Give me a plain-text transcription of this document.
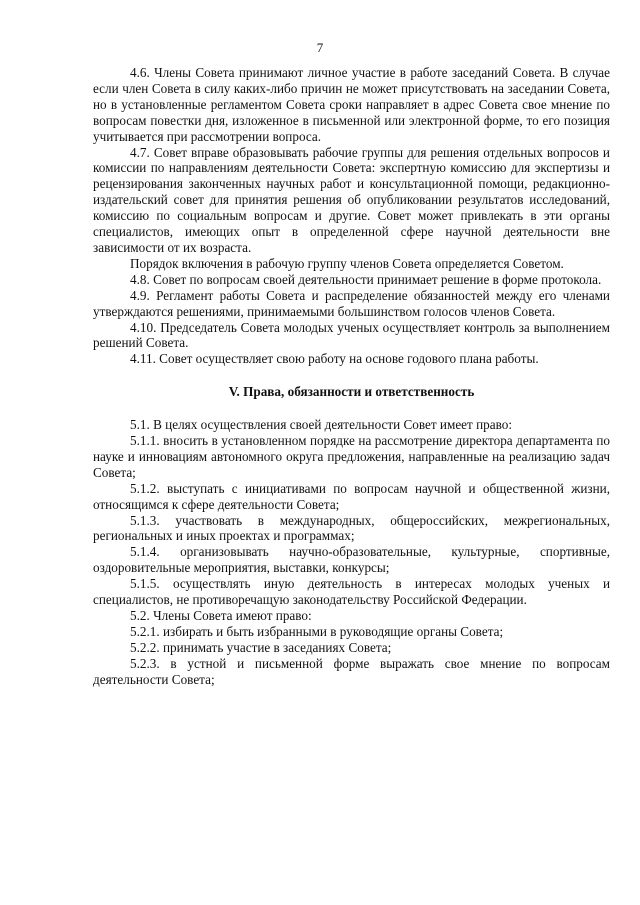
7

4.6. Члены Совета принимают личное участие в работе заседаний Совета. В случае если член Совета в силу каких-либо причин не может присутствовать на заседании Совета, но в установленные регламентом Совета сроки направляет в адрес Совета свое мнение по вопросам повестки дня, изложенное в письменной или электронной форме, то его позиция учитывается при рассмотрении вопроса.

4.7. Совет вправе образовывать рабочие группы для решения отдельных вопросов и комиссии по направлениям деятельности Совета: экспертную комиссию для экспертизы и рецензирования законченных научных работ и консультационной помощи, редакционно-издательский совет для принятия решения об опубликовании результатов исследований, комиссию по социальным вопросам и другие. Совет может привлекать в эти органы специалистов, имеющих опыт в определенной сфере научной деятельности вне зависимости от их возраста.

Порядок включения в рабочую группу членов Совета определяется Советом.

4.8. Совет по вопросам своей деятельности принимает решение в форме протокола.

4.9. Регламент работы Совета и распределение обязанностей между его членами утверждаются решениями, принимаемыми большинством голосов членов Совета.

4.10. Председатель Совета молодых ученых осуществляет контроль за выполнением решений Совета.

4.11. Совет осуществляет свою работу на основе годового плана работы.

V. Права, обязанности и ответственность

5.1. В целях осуществления своей деятельности Совет имеет право:

5.1.1. вносить в установленном порядке на рассмотрение директора департамента по науке и инновациям автономного округа предложения, направленные на реализацию задач Совета;

5.1.2. выступать с инициативами по вопросам научной и общественной жизни, относящимся к сфере деятельности Совета;

5.1.3. участвовать в международных, общероссийских, межрегиональных, региональных и иных проектах и программах;

5.1.4. организовывать научно-образовательные, культурные, спортивные, оздоровительные мероприятия, выставки, конкурсы;

5.1.5. осуществлять иную деятельность в интересах молодых ученых и специалистов, не противоречащую законодательству Российской Федерации.

5.2. Члены Совета имеют право:

5.2.1. избирать и быть избранными в руководящие органы Совета;

5.2.2. принимать участие в заседаниях Совета;

5.2.3. в устной и письменной форме выражать свое мнение по вопросам деятельности Совета;
